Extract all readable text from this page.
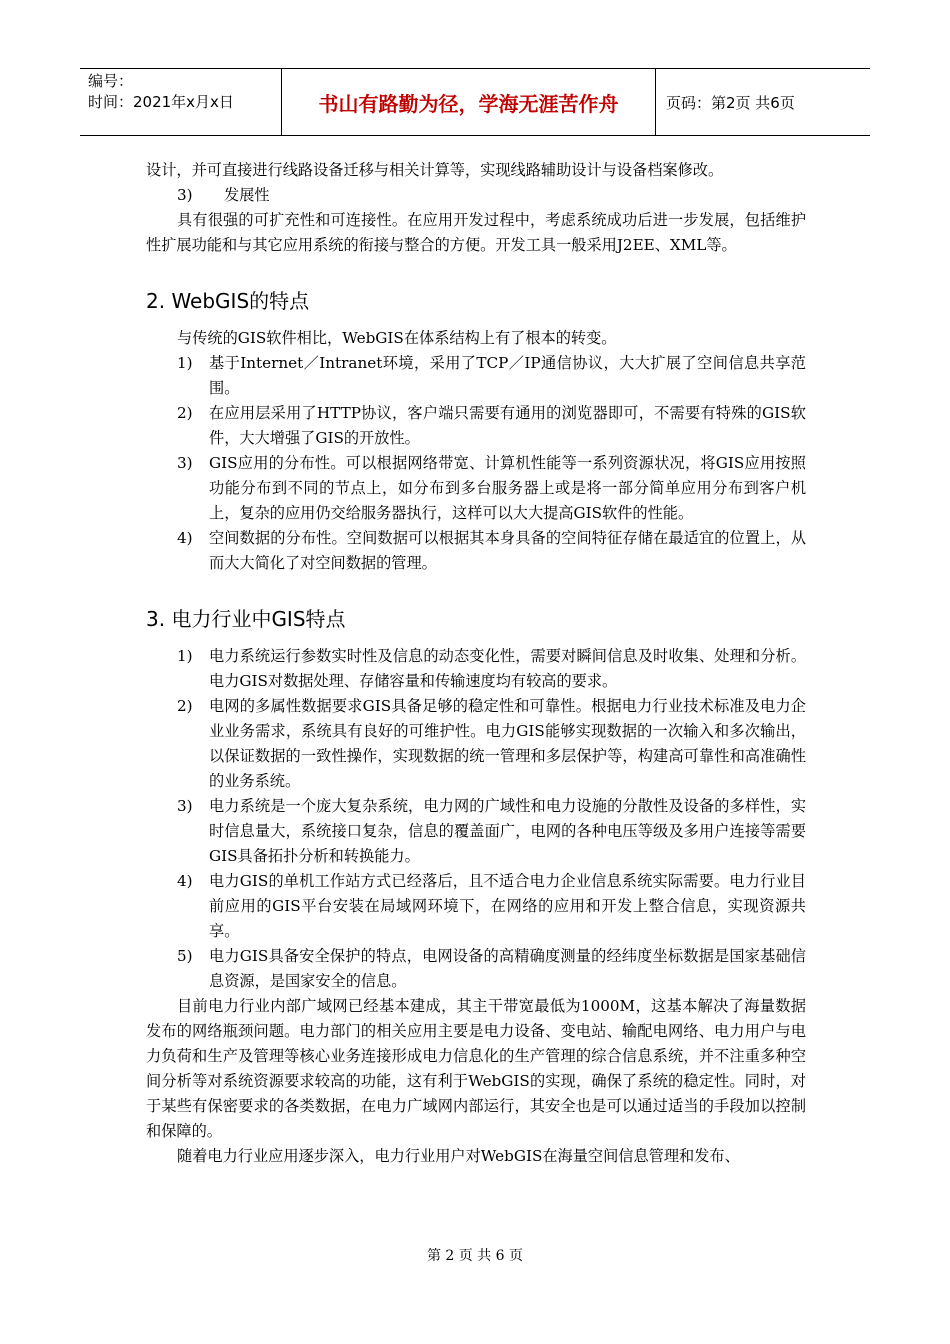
编号：
时间：2021年x月x日	书山有路勤为径，学海无涯苦作舟	页码：第2页 共6页

设计，并可直接进行线路设备迁移与相关计算等，实现线路辅助设计与设备档案修改。

3)	发展性

具有很强的可扩充性和可连接性。在应用开发过程中，考虑系统成功后进一步发展，包括维护性扩展功能和与其它应用系统的衔接与整合的方便。开发工具一般采用J2EE、XML等。

2. WebGIS的特点

与传统的GIS软件相比，WebGIS在体系结构上有了根本的转变。

1)	基于Internet／Intranet环境，采用了TCP／IP通信协议，大大扩展了空间信息共享范围。
2)	在应用层采用了HTTP协议，客户端只需要有通用的浏览器即可，不需要有特殊的GIS软件，大大增强了GIS的开放性。
3)	GIS应用的分布性。可以根据网络带宽、计算机性能等一系列资源状况，将GIS应用按照功能分布到不同的节点上，如分布到多台服务器上或是将一部分简单应用分布到客户机上，复杂的应用仍交给服务器执行，这样可以大大提高GIS软件的性能。
4)	空间数据的分布性。空间数据可以根据其本身具备的空间特征存储在最适宜的位置上，从而大大简化了对空间数据的管理。
3. 电力行业中GIS特点
1)	电力系统运行参数实时性及信息的动态变化性，需要对瞬间信息及时收集、处理和分析。电力GIS对数据处理、存储容量和传输速度均有较高的要求。
2)	电网的多属性数据要求GIS具备足够的稳定性和可靠性。根据电力行业技术标准及电力企业业务需求，系统具有良好的可维护性。电力GIS能够实现数据的一次输入和多次输出，以保证数据的一致性操作，实现数据的统一管理和多层保护等，构建高可靠性和高准确性的业务系统。
3)	电力系统是一个庞大复杂系统，电力网的广域性和电力设施的分散性及设备的多样性，实时信息量大，系统接口复杂，信息的覆盖面广，电网的各种电压等级及多用户连接等需要GIS具备拓扑分析和转换能力。
4)	电力GIS的单机工作站方式已经落后，且不适合电力企业信息系统实际需要。电力行业目前应用的GIS平台安装在局域网环境下，在网络的应用和开发上整合信息，实现资源共享。
5)	电力GIS具备安全保护的特点，电网设备的高精确度测量的经纬度坐标数据是国家基础信息资源，是国家安全的信息。

目前电力行业内部广域网已经基本建成，其主干带宽最低为1000M，这基本解决了海量数据发布的网络瓶颈问题。电力部门的相关应用主要是电力设备、变电站、输配电网络、电力用户与电力负荷和生产及管理等核心业务连接形成电力信息化的生产管理的综合信息系统，并不注重多种空间分析等对系统资源要求较高的功能，这有利于WebGIS的实现，确保了系统的稳定性。同时，对于某些有保密要求的各类数据，在电力广域网内部运行，其安全也是可以通过适当的手段加以控制和保障的。

随着电力行业应用逐步深入，电力行业用户对WebGIS在海量空间信息管理和发布、

第 2 页 共 6 页
